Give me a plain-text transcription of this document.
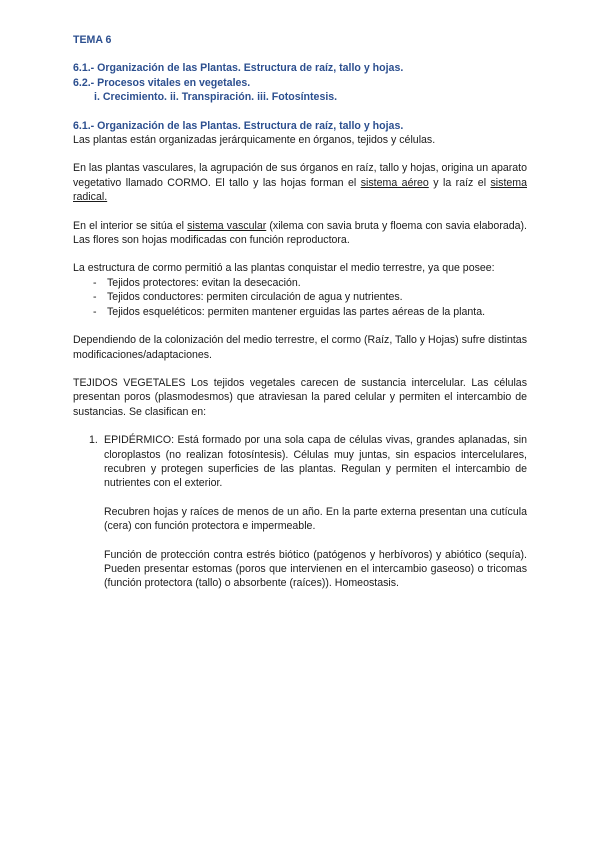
TEMA 6
6.1.- Organización de las Plantas. Estructura de raíz, tallo y hojas.
6.2.- Procesos vitales en vegetales.
i. Crecimiento. ii. Transpiración. iii. Fotosíntesis.
6.1.- Organización de las Plantas. Estructura de raíz, tallo y hojas.

Las plantas están organizadas jerárquicamente en órganos, tejidos y células.

En las plantas vasculares, la agrupación de sus órganos en raíz, tallo y hojas, origina un aparato vegetativo llamado CORMO. El tallo y las hojas forman el sistema aéreo y la raíz el sistema radical.

En el interior se sitúa el sistema vascular (xilema con savia bruta y floema con savia elaborada). Las flores son hojas modificadas con función reproductora.

La estructura de cormo permitió a las plantas conquistar el medio terrestre, ya que posee:

- Tejidos protectores: evitan la desecación.
- Tejidos conductores: permiten circulación de agua y nutrientes.
- Tejidos esqueléticos: permiten mantener erguidas las partes aéreas de la planta.

Dependiendo de la colonización del medio terrestre, el cormo (Raíz, Tallo y Hojas) sufre distintas modificaciones/adaptaciones.

TEJIDOS VEGETALES Los tejidos vegetales carecen de sustancia intercelular. Las células presentan poros (plasmodesmos) que atraviesan la pared celular y permiten el intercambio de sustancias. Se clasifican en:

1. EPIDÉRMICO: Está formado por una sola capa de células vivas, grandes aplanadas, sin cloroplastos (no realizan fotosíntesis). Células muy juntas, sin espacios intercelulares, recubren y protegen superficies de las plantas. Regulan y permiten el intercambio de nutrientes con el exterior.

Recubren hojas y raíces de menos de un año. En la parte externa presentan una cutícula (cera) con función protectora e impermeable.

Función de protección contra estrés biótico (patógenos y herbívoros) y abiótico (sequía). Pueden presentar estomas (poros que intervienen en el intercambio gaseoso) o tricomas (función protectora (tallo) o absorbente (raíces)). Homeostasis.
